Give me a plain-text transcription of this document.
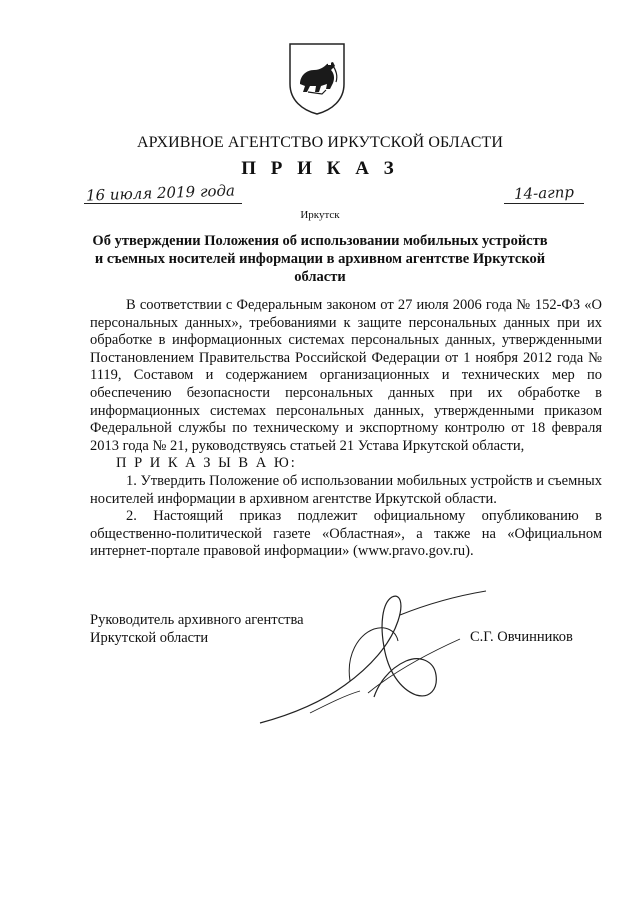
АРХИВНОЕ АГЕНТСТВО ИРКУТСКОЙ ОБЛАСТИ
П Р И К А З
16 июля 2019 года	14-агпр
Иркутск
Об утверждении Положения об использовании мобильных устройств и съемных носителей информации в архивном агентстве Иркутской области

В соответствии с Федеральным законом от 27 июля 2006 года № 152-ФЗ «О персональных данных», требованиями к защите персональных данных при их обработке в информационных системах персональных данных, утвержденными Постановлением Правительства Российской Федерации от 1 ноября 2012 года № 1119, Составом и содержанием организационных и технических мер по обеспечению безопасности персональных данных при их обработке в информационных системах персональных данных, утвержденными приказом Федеральной службы по техническому и экспортному контролю от 18 февраля 2013 года № 21, руководствуясь статьей 21 Устава Иркутской области,

П Р И К А З Ы В А Ю:

1. Утвердить Положение об использовании мобильных устройств и съемных носителей информации в архивном агентстве Иркутской области.

2. Настоящий приказ подлежит официальному опубликованию в общественно-политической газете «Областная», а также на «Официальном интернет-портале правовой информации» (www.pravo.gov.ru).

Руководитель архивного агентства
Иркутской области	С.Г. Овчинников
